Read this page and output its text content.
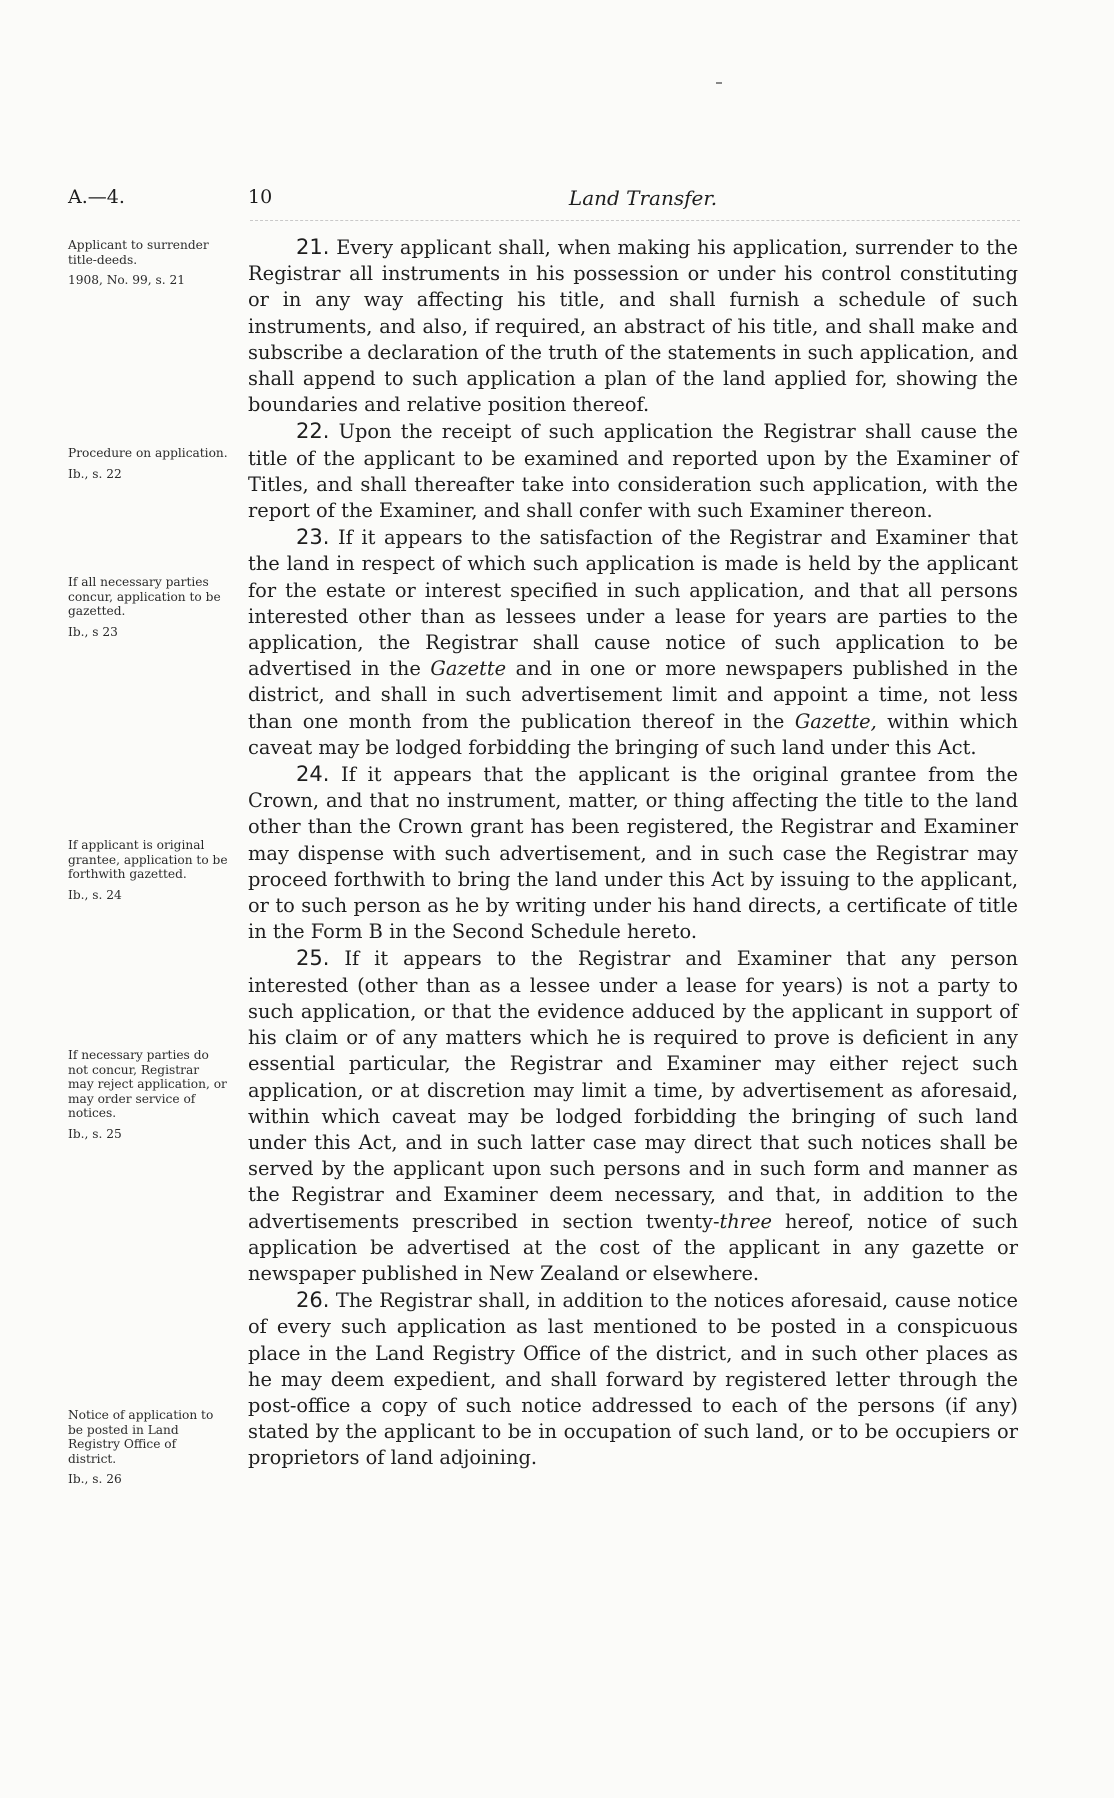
A.—4.	10	Land Transfer.
Applicant to surrender title-deeds.
1908, No. 99, s. 21
Procedure on application.
Ib., s. 22
If all necessary parties concur, application to be gazetted.
Ib., s 23
If applicant is original grantee, application to be forthwith gazetted.
Ib., s. 24
If necessary parties do not concur, Registrar may reject application, or may order service of notices.
Ib., s. 25
Notice of application to be posted in Land Registry Office of district.
Ib., s. 26

21. Every applicant shall, when making his application, surrender to the Registrar all instruments in his possession or under his control constituting or in any way affecting his title, and shall furnish a schedule of such instruments, and also, if required, an abstract of his title, and shall make and subscribe a declaration of the truth of the statements in such application, and shall append to such application a plan of the land applied for, showing the boundaries and relative position thereof.

22. Upon the receipt of such application the Registrar shall cause the title of the applicant to be examined and reported upon by the Examiner of Titles, and shall thereafter take into consideration such application, with the report of the Examiner, and shall confer with such Examiner thereon.

23. If it appears to the satisfaction of the Registrar and Examiner that the land in respect of which such application is made is held by the applicant for the estate or interest specified in such application, and that all persons interested other than as lessees under a lease for years are parties to the application, the Registrar shall cause notice of such application to be advertised in the Gazette and in one or more newspapers published in the district, and shall in such advertisement limit and appoint a time, not less than one month from the publication thereof in the Gazette, within which caveat may be lodged forbidding the bringing of such land under this Act.

24. If it appears that the applicant is the original grantee from the Crown, and that no instrument, matter, or thing affecting the title to the land other than the Crown grant has been registered, the Registrar and Examiner may dispense with such advertisement, and in such case the Registrar may proceed forthwith to bring the land under this Act by issuing to the applicant, or to such person as he by writing under his hand directs, a certificate of title in the Form B in the Second Schedule hereto.

25. If it appears to the Registrar and Examiner that any person interested (other than as a lessee under a lease for years) is not a party to such application, or that the evidence adduced by the applicant in support of his claim or of any matters which he is required to prove is deficient in any essential particular, the Registrar and Examiner may either reject such application, or at discretion may limit a time, by advertisement as aforesaid, within which caveat may be lodged forbidding the bringing of such land under this Act, and in such latter case may direct that such notices shall be served by the applicant upon such persons and in such form and manner as the Registrar and Examiner deem necessary, and that, in addition to the advertisements prescribed in section twenty-three hereof, notice of such application be advertised at the cost of the applicant in any gazette or newspaper published in New Zealand or elsewhere.

26. The Registrar shall, in addition to the notices aforesaid, cause notice of every such application as last mentioned to be posted in a conspicuous place in the Land Registry Office of the district, and in such other places as he may deem expedient, and shall forward by registered letter through the post-office a copy of such notice addressed to each of the persons (if any) stated by the applicant to be in occupation of such land, or to be occupiers or proprietors of land adjoining.
